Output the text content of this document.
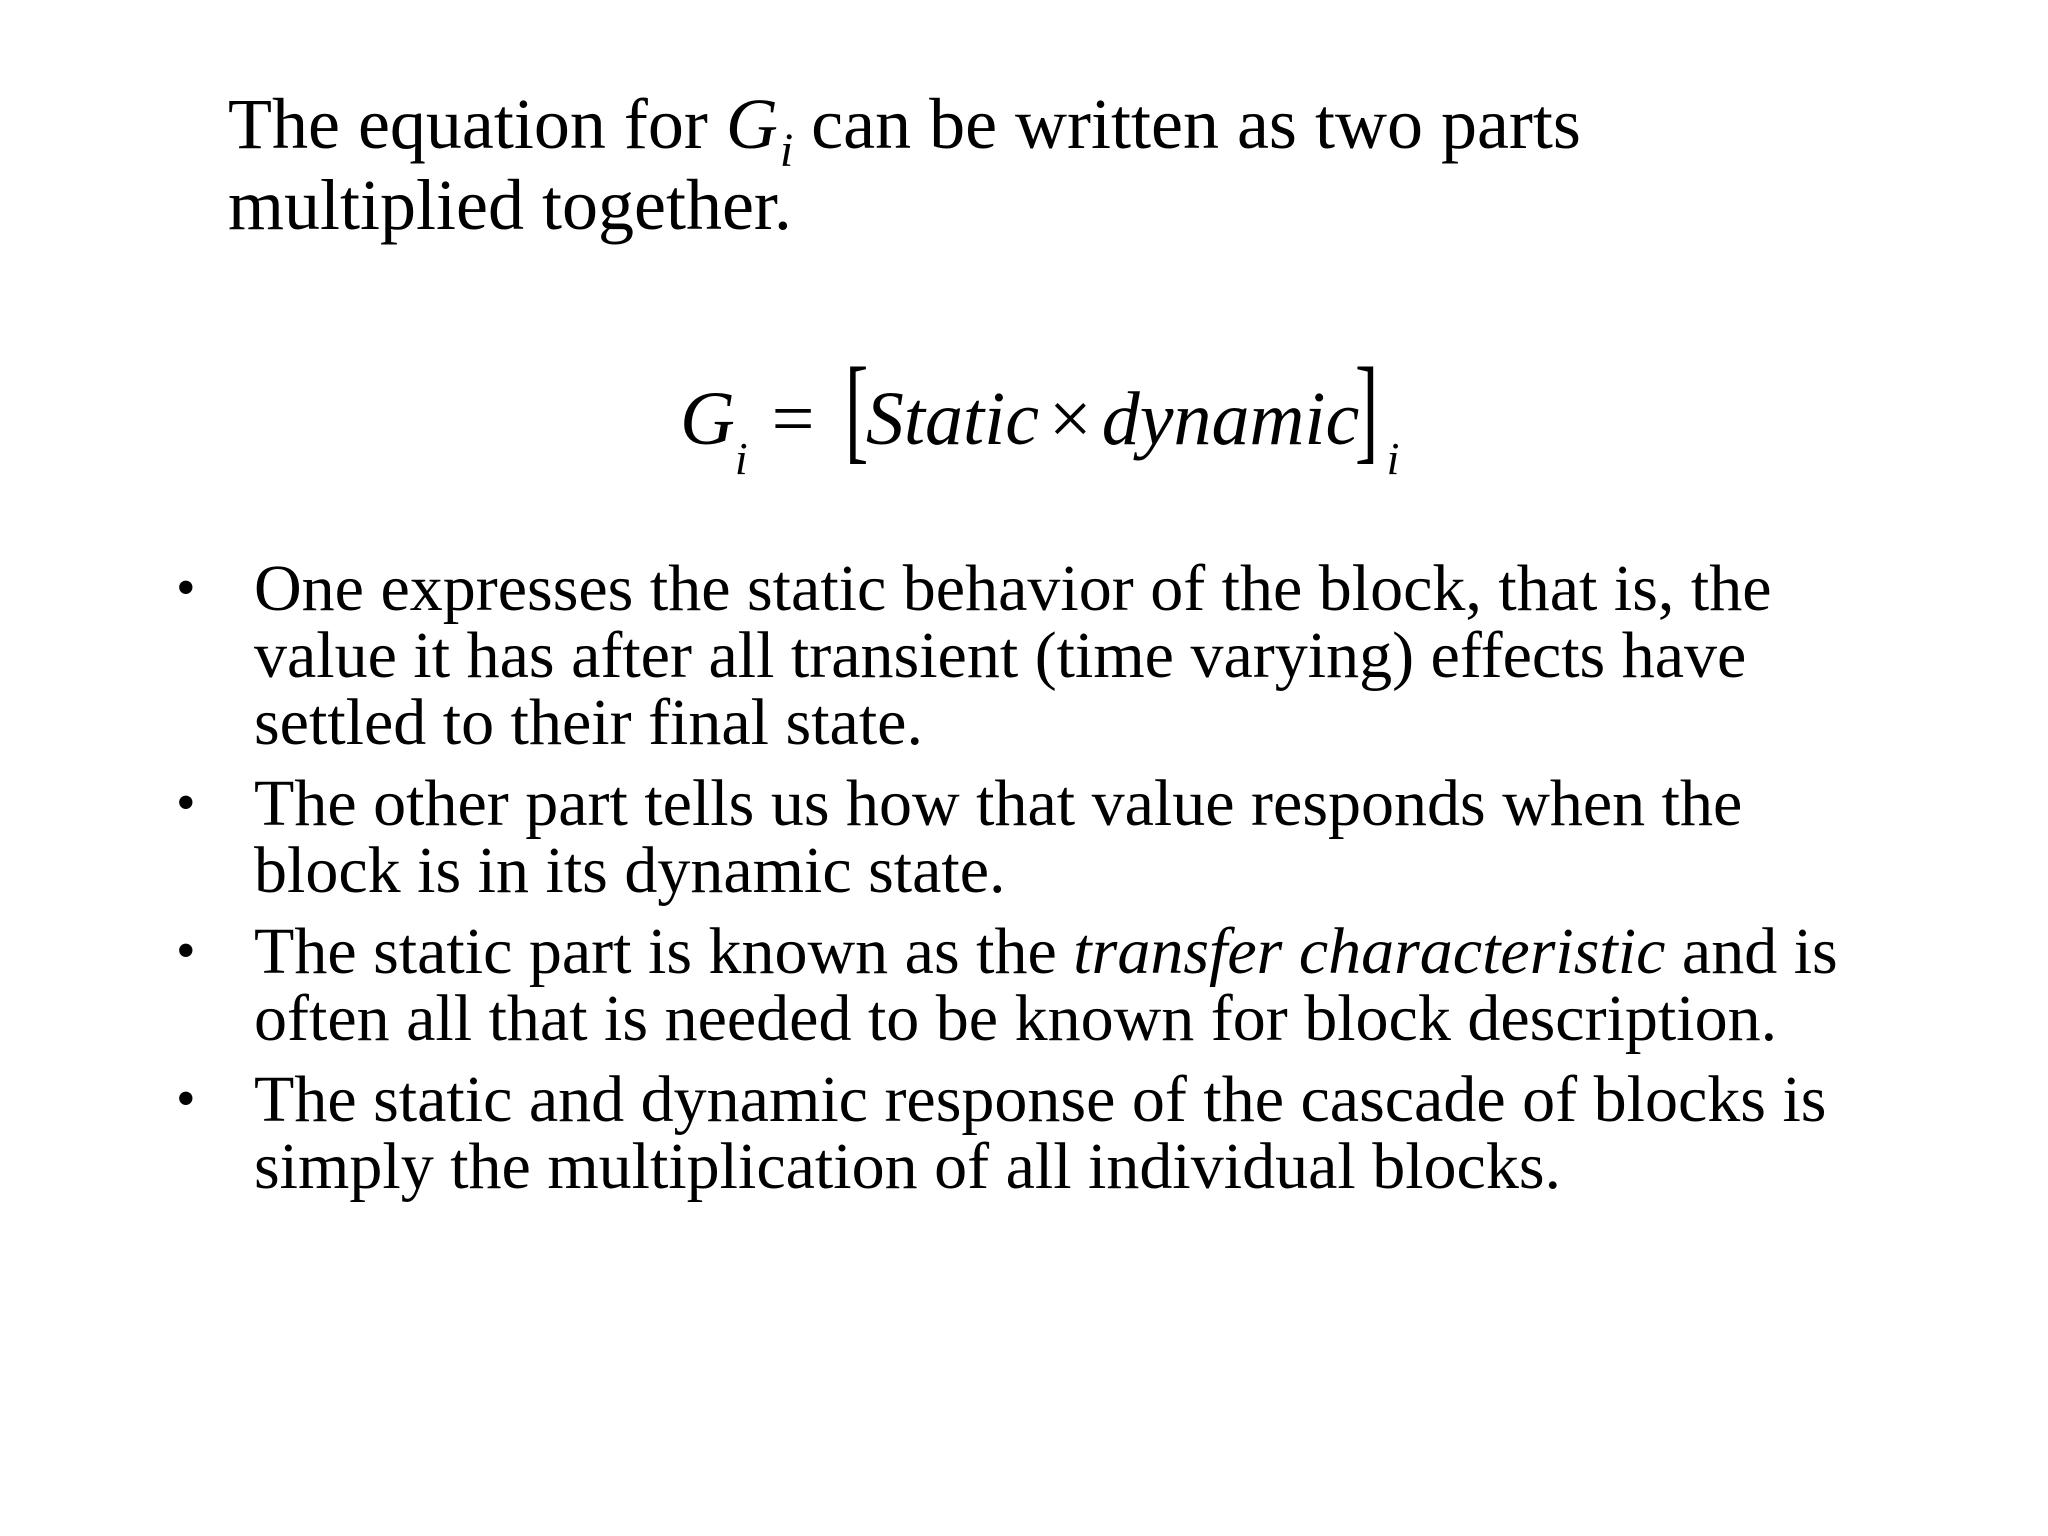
The equation for $G_i$ can be written as two parts
multiplied together.
$G_i$ = [Static × dynamic] $_i$
• One expresses the static behavior of the block, that is, the value it has after all transient (time varying) effects have settled to their final state.
• The other part tells us how that value responds when the block is in its dynamic state.
• The static part is known as the transfer characteristic and is often all that is needed to be known for block description.
• The static and dynamic response of the cascade of blocks is simply the multiplication of all individual blocks.
